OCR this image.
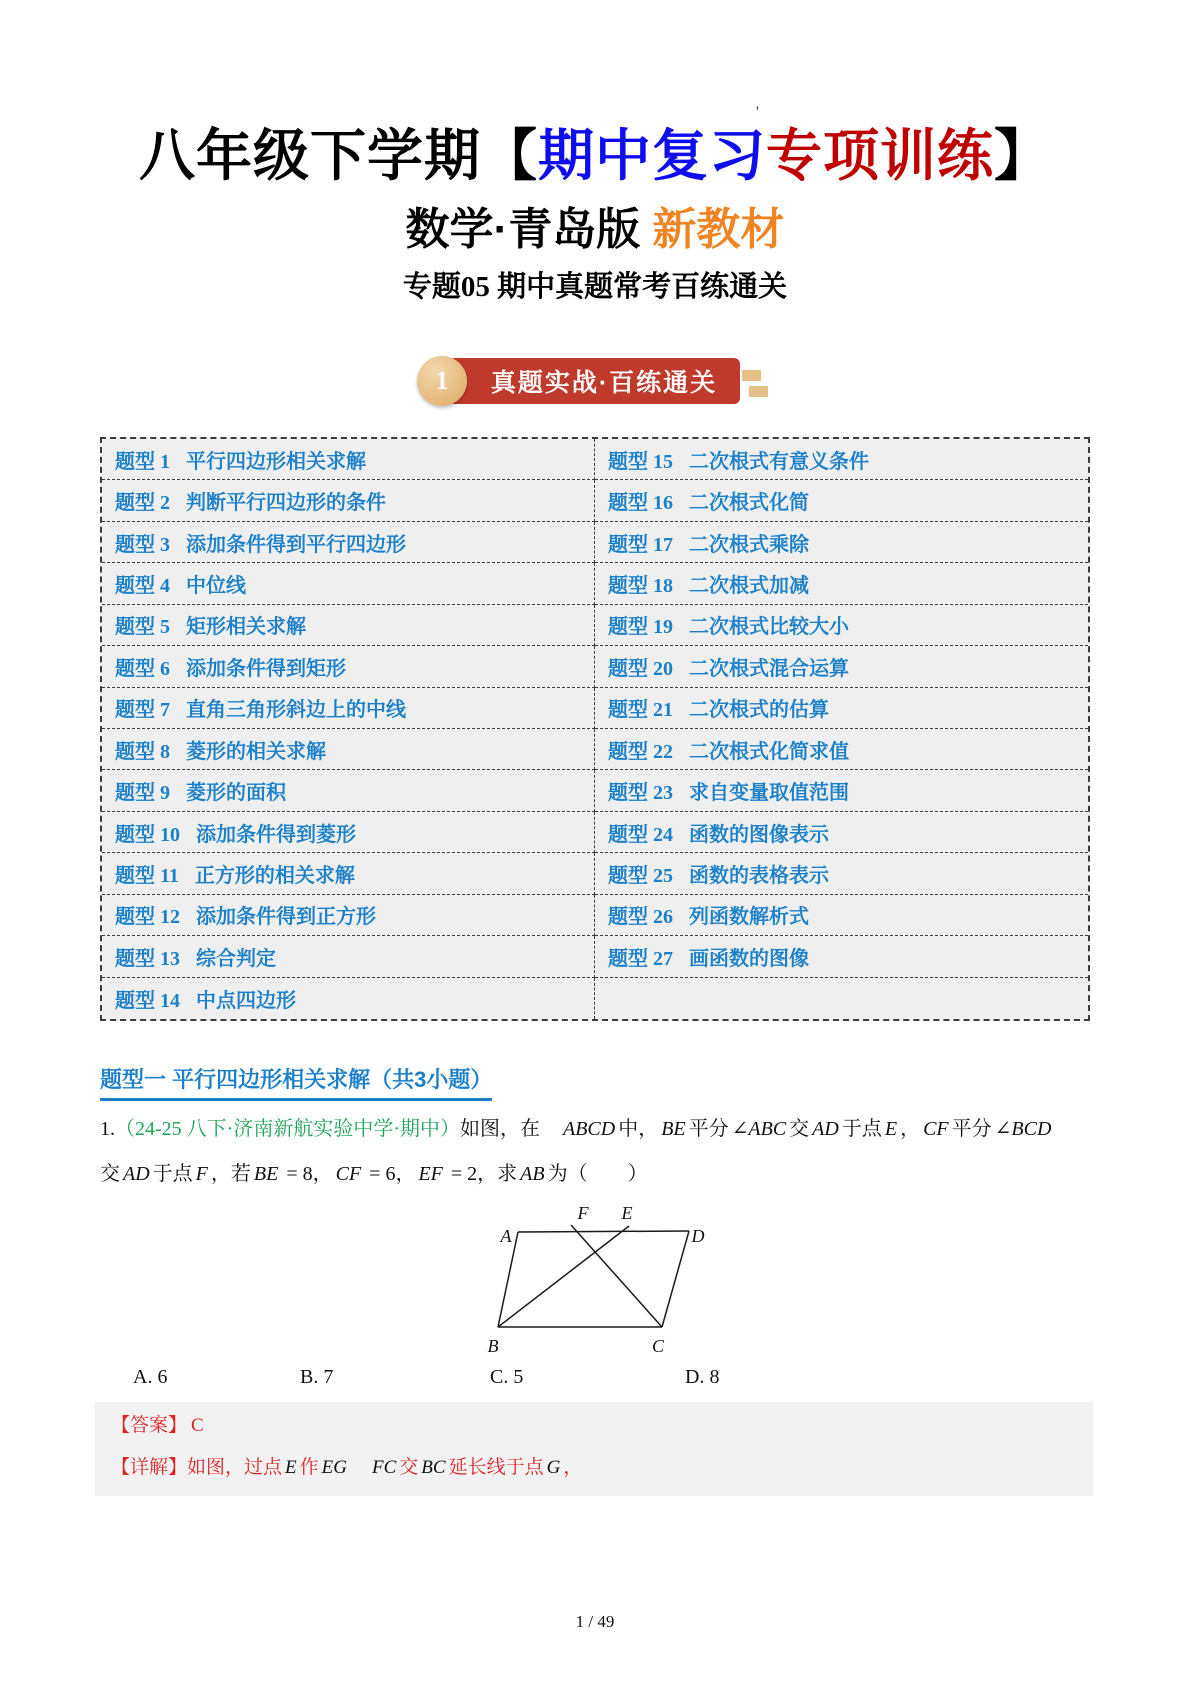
'
八年级下学期【期中复习专项训练】
数学·青岛版 新教材
专题05 期中真题常考百练通关
真题实战·百练通关
1
题型 1 平行四边形相关求解	题型 15 二次根式有意义条件
题型 2 判断平行四边形的条件	题型 16 二次根式化简
题型 3 添加条件得到平行四边形	题型 17 二次根式乘除
题型 4 中位线	题型 18 二次根式加减
题型 5 矩形相关求解	题型 19 二次根式比较大小
题型 6 添加条件得到矩形	题型 20 二次根式混合运算
题型 7 直角三角形斜边上的中线	题型 21 二次根式的估算
题型 8 菱形的相关求解	题型 22 二次根式化简求值
题型 9 菱形的面积	题型 23 求自变量取值范围
题型 10 添加条件得到菱形	题型 24 函数的图像表示
题型 11 正方形的相关求解	题型 25 函数的表格表示
题型 12 添加条件得到正方形	题型 26 列函数解析式
题型 13 综合判定	题型 27 画函数的图像
题型 14 中点四边形
题型一 平行四边形相关求解（共3小题）
1.（24-25 八下·济南新航实验中学·期中）如图，在　 ABCD 中， BE 平分 ∠ABC 交 AD 于点 E ， CF 平分 ∠BCD
交 AD 于点 F ，若 BE = 8， CF = 6， EF = 2，求 AB 为（　　）
A	D
F E
B	C
A. 6	B. 7	C. 5	D. 8
【答案】 C
【详解】如图，过点 E 作 EG　 FC 交 BC 延长线于点 G ，
1 / 49
